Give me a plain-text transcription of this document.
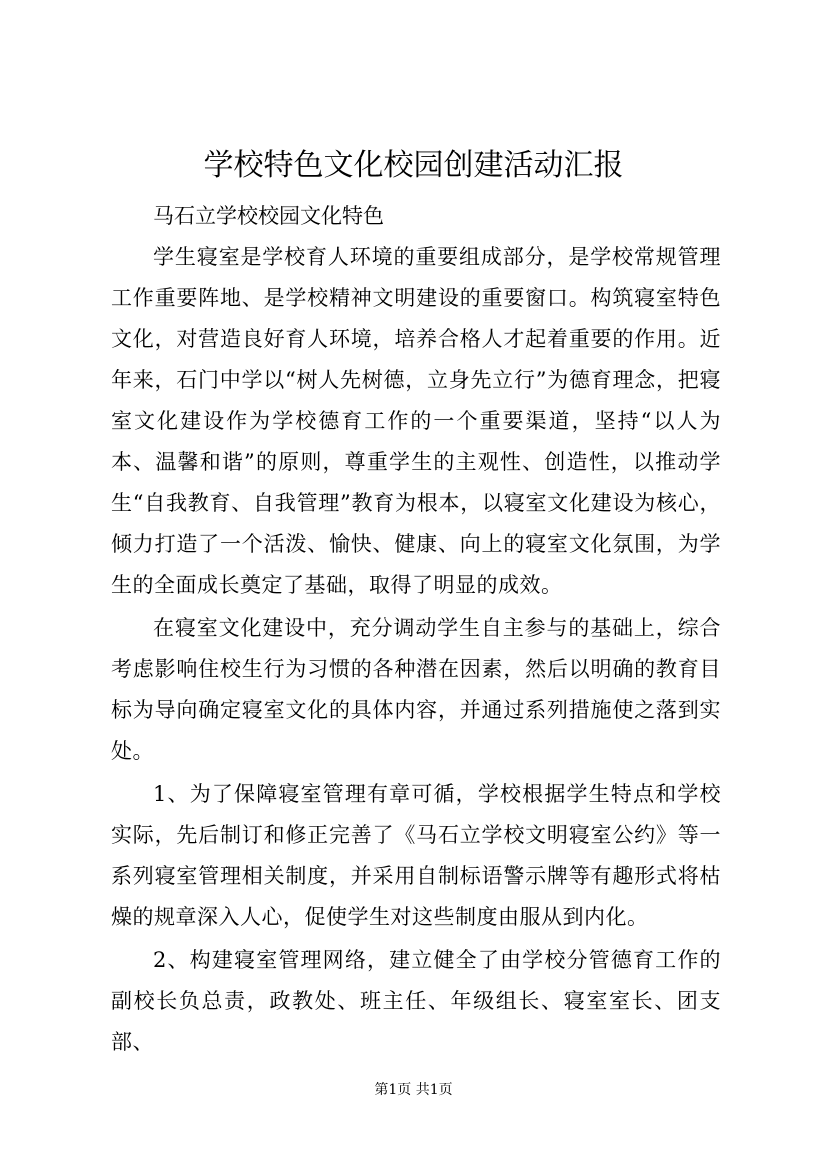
学校特色文化校园创建活动汇报

马石立学校校园文化特色

学生寝室是学校育人环境的重要组成部分，是学校常规管理工作重要阵地、是学校精神文明建设的重要窗口。构筑寝室特色文化，对营造良好育人环境，培养合格人才起着重要的作用。近年来，石门中学以“树人先树德，立身先立行”为德育理念，把寝室文化建设作为学校德育工作的一个重要渠道，坚持“以人为本、温馨和谐”的原则，尊重学生的主观性、创造性，以推动学生“自我教育、自我管理”教育为根本，以寝室文化建设为核心，倾力打造了一个活泼、愉快、健康、向上的寝室文化氛围，为学生的全面成长奠定了基础，取得了明显的成效。

在寝室文化建设中，充分调动学生自主参与的基础上，综合考虑影响住校生行为习惯的各种潜在因素，然后以明确的教育目标为导向确定寝室文化的具体内容，并通过系列措施使之落到实处。

1、为了保障寝室管理有章可循，学校根据学生特点和学校实际，先后制订和修正完善了《马石立学校文明寝室公约》等一系列寝室管理相关制度，并采用自制标语警示牌等有趣形式将枯燥的规章深入人心，促使学生对这些制度由服从到内化。

2、构建寝室管理网络，建立健全了由学校分管德育工作的副校长负总责，政教处、班主任、年级组长、寝室室长、团支部、

第1页 共1页
